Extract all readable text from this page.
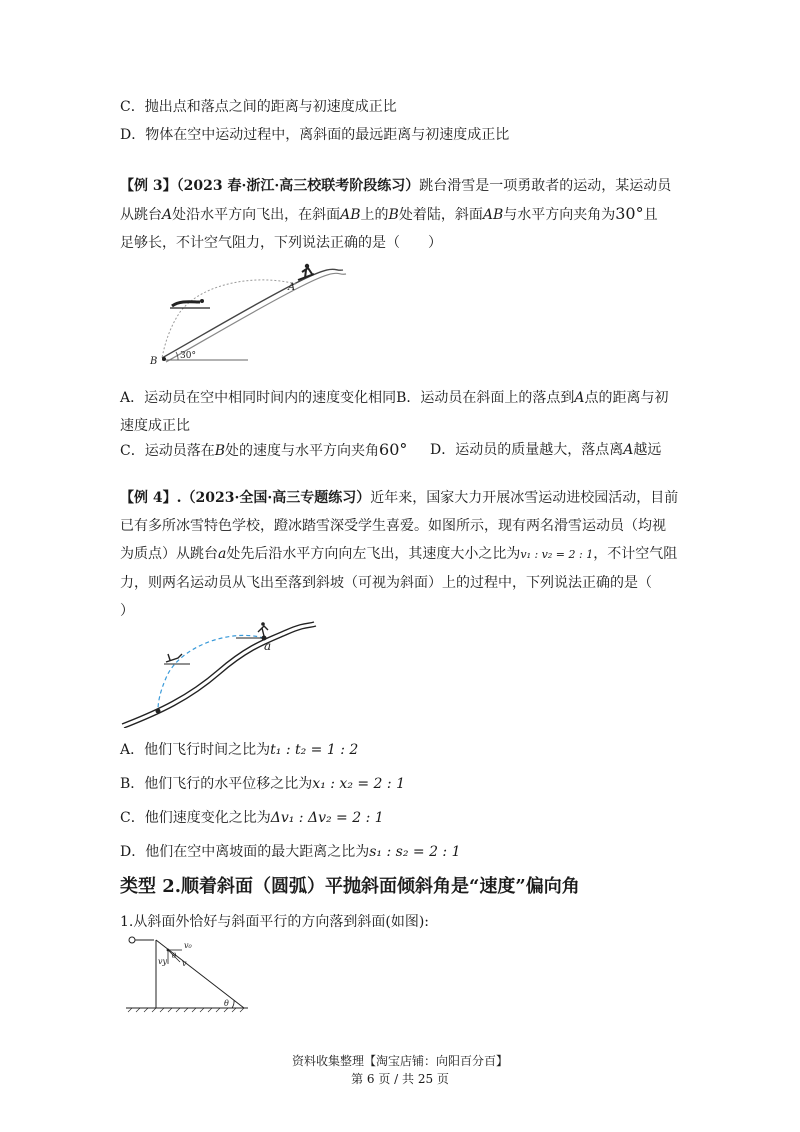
C．抛出点和落点之间的距离与初速度成正比
D．物体在空中运动过程中，离斜面的最远距离与初速度成正比
【例 3】（2023 春·浙江·高三校联考阶段练习）跳台滑雪是一项勇敢者的运动，某运动员
从跳台A处沿水平方向飞出，在斜面AB上的B处着陆，斜面AB与水平方向夹角为30°且
足够长，不计空气阻力，下列说法正确的是（　　）
A
B	30°
A．运动员在空中相同时间内的速度变化相同B．运动员在斜面上的落点到A点的距离与初
速度成正比
C．运动员落在B处的速度与水平方向夹角60° D．运动员的质量越大，落点离A越远
【例 4】.（2023·全国·高三专题练习）近年来，国家大力开展冰雪运动进校园活动，目前
已有多所冰雪特色学校，蹬冰踏雪深受学生喜爱。如图所示，现有两名滑雪运动员（均视
为质点）从跳台a处先后沿水平方向向左飞出，其速度大小之比为v₁ : v₂ = 2 : 1，不计空气阻
力，则两名运动员从飞出至落到斜坡（可视为斜面）上的过程中，下列说法正确的是（
）
a
A．他们飞行时间之比为t₁ : t₂ = 1 : 2
B．他们飞行的水平位移之比为x₁ : x₂ = 2 : 1
C．他们速度变化之比为Δv₁ : Δv₂ = 2 : 1
D．他们在空中离坡面的最大距离之比为s₁ : s₂ = 2 : 1
类型 2.顺着斜面（圆弧）平抛斜面倾斜角是“速度”偏向角
1.从斜面外恰好与斜面平行的方向落到斜面(如图):
v₀
vy v
θ
θ
资料收集整理【淘宝店铺：向阳百分百】
第 6 页 / 共 25 页
